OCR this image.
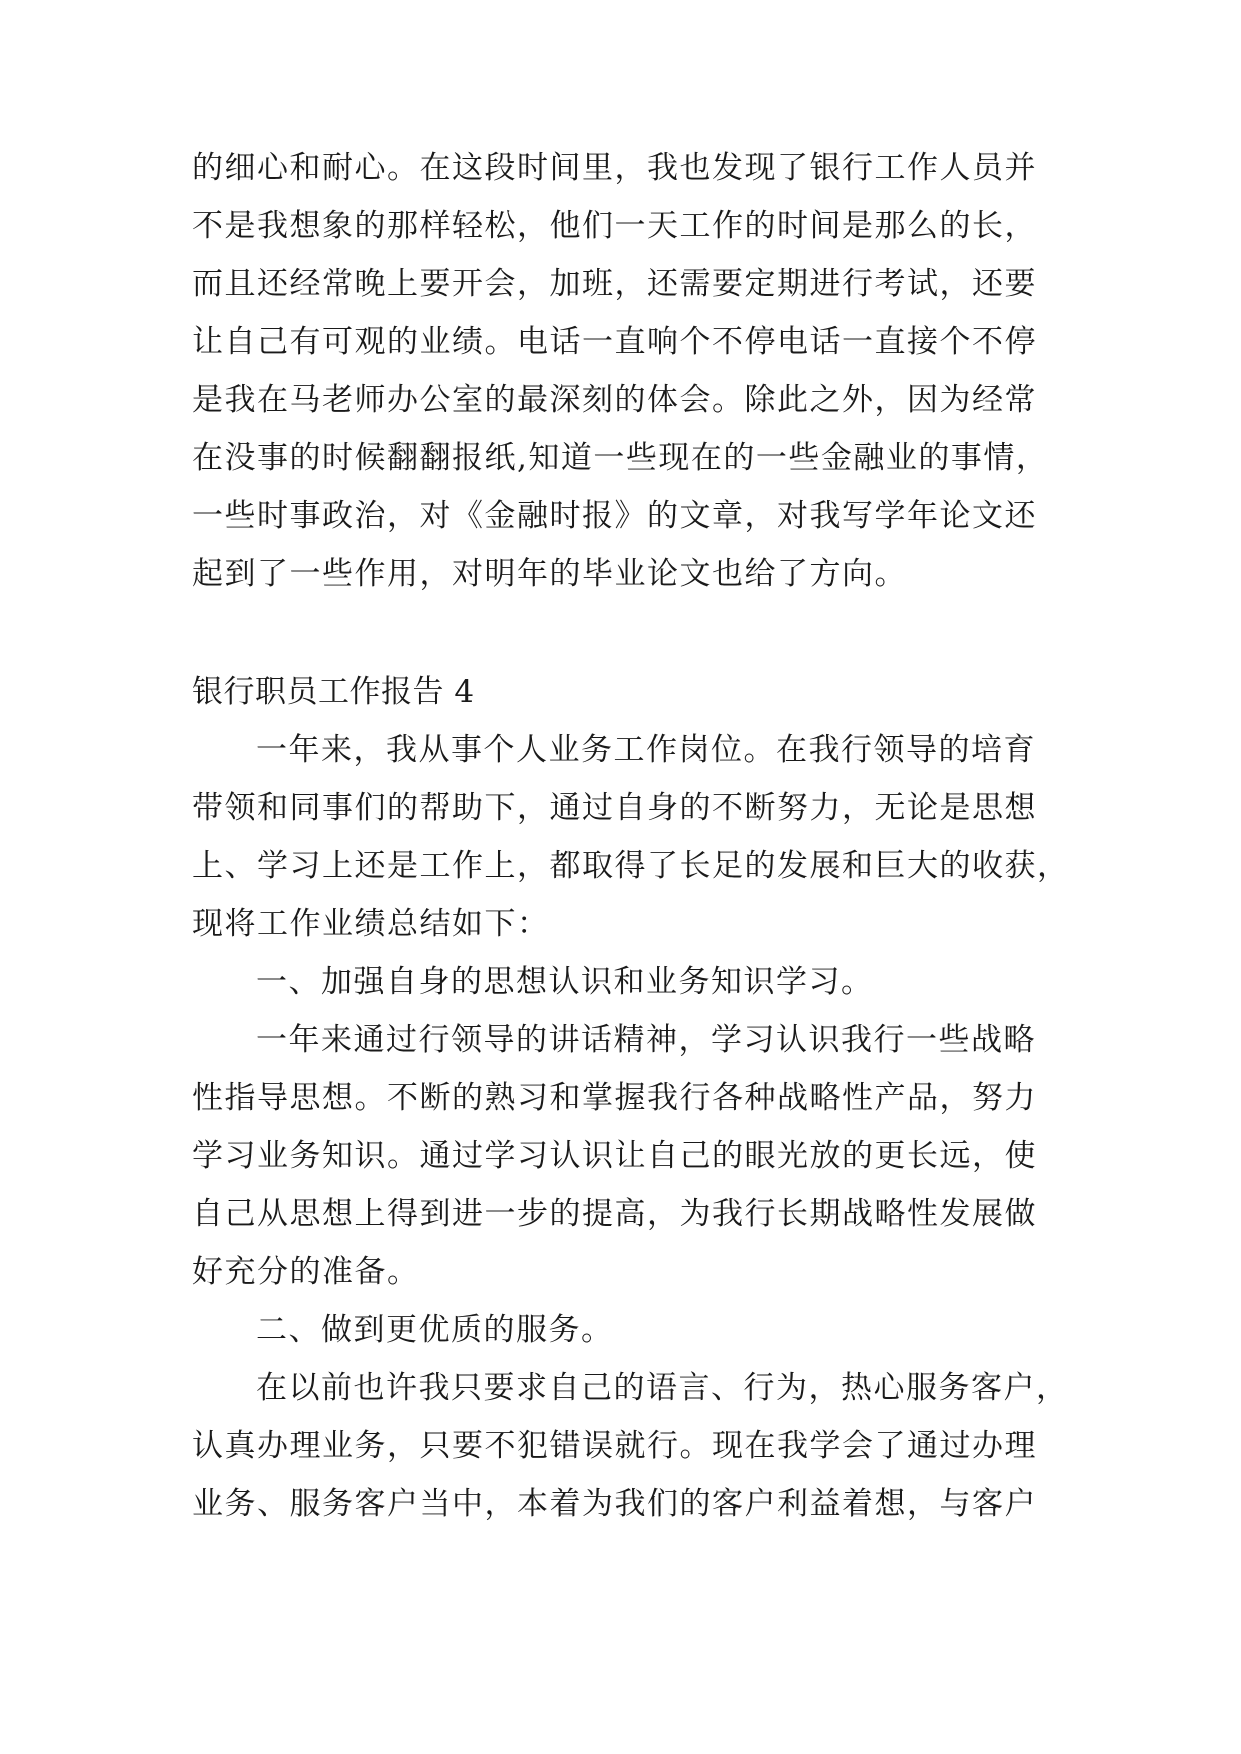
的细心和耐心。在这段时间里，我也发现了银行工作人员并
不是我想象的那样轻松，他们一天工作的时间是那么的长，
而且还经常晚上要开会，加班，还需要定期进行考试，还要
让自己有可观的业绩。电话一直响个不停电话一直接个不停
是我在马老师办公室的最深刻的体会。除此之外，因为经常
在没事的时候翻翻报纸,知道一些现在的一些金融业的事情，
一些时事政治，对《金融时报》的文章，对我写学年论文还
起到了一些作用，对明年的毕业论文也给了方向。
银行职员工作报告 4
一年来，我从事个人业务工作岗位。在我行领导的培育
带领和同事们的帮助下，通过自身的不断努力，无论是思想
上、学习上还是工作上，都取得了长足的发展和巨大的收获，
现将工作业绩总结如下：
一、加强自身的思想认识和业务知识学习。
一年来通过行领导的讲话精神，学习认识我行一些战略
性指导思想。不断的熟习和掌握我行各种战略性产品，努力
学习业务知识。通过学习认识让自己的眼光放的更长远，使
自己从思想上得到进一步的提高，为我行长期战略性发展做
好充分的准备。
二、做到更优质的服务。
在以前也许我只要求自己的语言、行为，热心服务客户，
认真办理业务，只要不犯错误就行。现在我学会了通过办理
业务、服务客户当中，本着为我们的客户利益着想，与客户
